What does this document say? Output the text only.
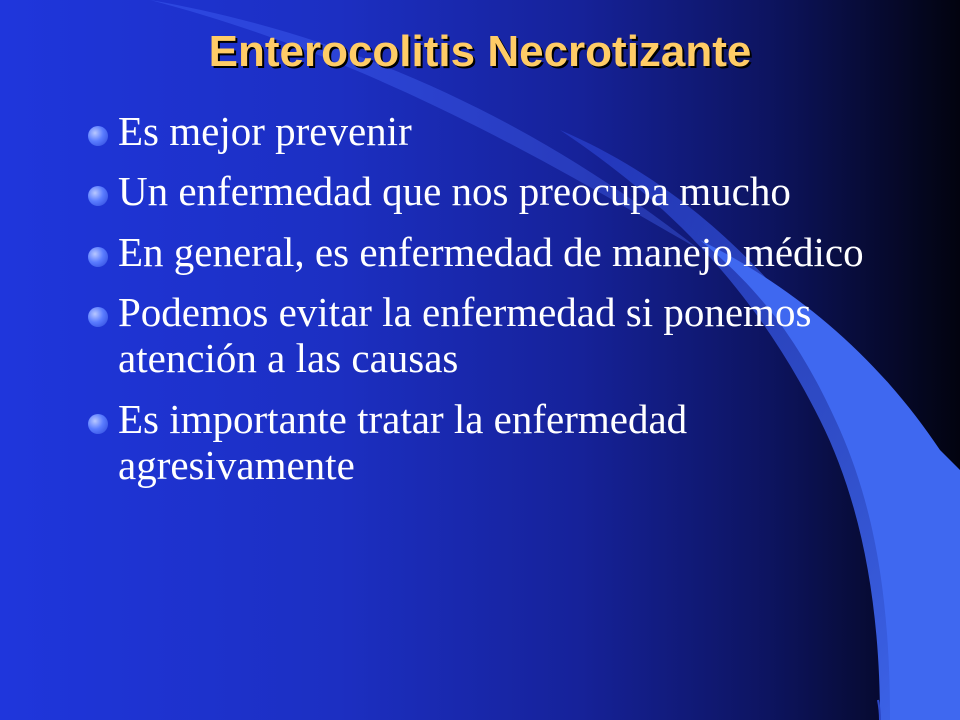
Enterocolitis Necrotizante
Es mejor prevenir
Un enfermedad que nos preocupa mucho
En general, es enfermedad de manejo médico
Podemos evitar la enfermedad si ponemos atención a las causas
Es importante tratar la enfermedad agresivamente
